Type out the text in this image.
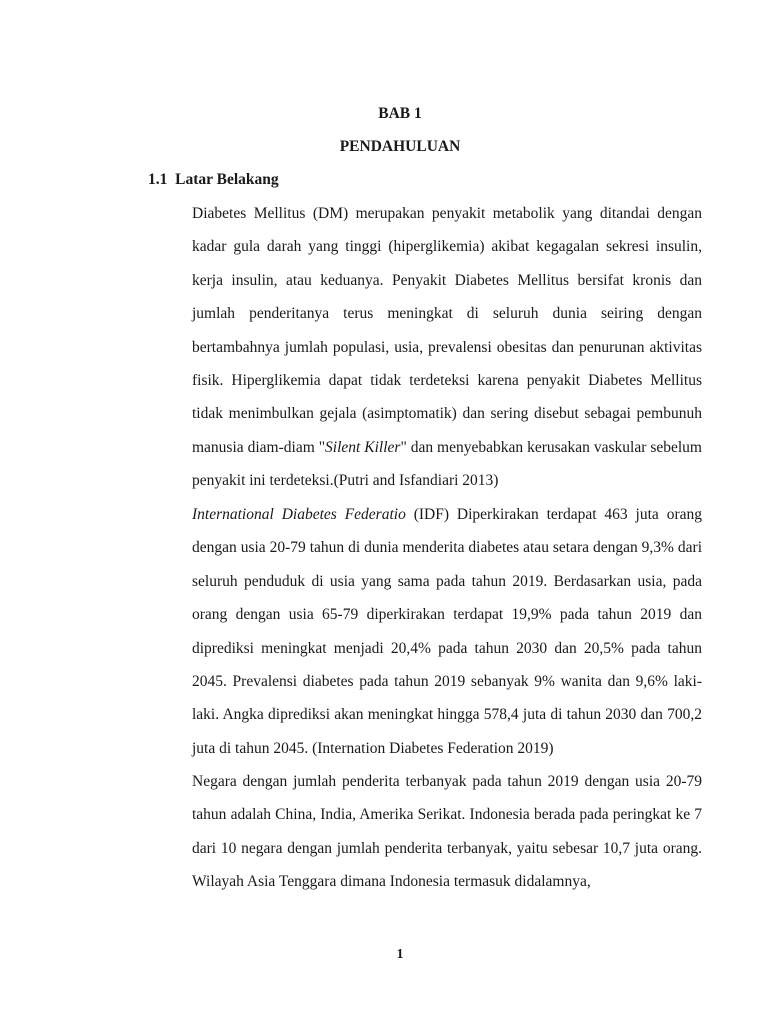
BAB 1
PENDAHULUAN
1.1 Latar Belakang

Diabetes Mellitus (DM) merupakan penyakit metabolik yang ditandai dengan kadar gula darah yang tinggi (hiperglikemia) akibat kegagalan sekresi insulin, kerja insulin, atau keduanya. Penyakit Diabetes Mellitus bersifat kronis dan jumlah penderitanya terus meningkat di seluruh dunia seiring dengan bertambahnya jumlah populasi, usia, prevalensi obesitas dan penurunan aktivitas fisik. Hiperglikemia dapat tidak terdeteksi karena penyakit Diabetes Mellitus tidak menimbulkan gejala (asimptomatik) dan sering disebut sebagai pembunuh manusia diam-diam "Silent Killer" dan menyebabkan kerusakan vaskular sebelum penyakit ini terdeteksi.(Putri and Isfandiari 2013)

International Diabetes Federatio (IDF) Diperkirakan terdapat 463 juta orang dengan usia 20-79 tahun di dunia menderita diabetes atau setara dengan 9,3% dari seluruh penduduk di usia yang sama pada tahun 2019. Berdasarkan usia, pada orang dengan usia 65-79 diperkirakan terdapat 19,9% pada tahun 2019 dan diprediksi meningkat menjadi 20,4% pada tahun 2030 dan 20,5% pada tahun 2045. Prevalensi diabetes pada tahun 2019 sebanyak 9% wanita dan 9,6% laki-laki. Angka diprediksi akan meningkat hingga 578,4 juta di tahun 2030 dan 700,2 juta di tahun 2045. (Internation Diabetes Federation 2019)

Negara dengan jumlah penderita terbanyak pada tahun 2019 dengan usia 20-79 tahun adalah China, India, Amerika Serikat. Indonesia berada pada peringkat ke 7 dari 10 negara dengan jumlah penderita terbanyak, yaitu sebesar 10,7 juta orang. Wilayah Asia Tenggara dimana Indonesia termasuk didalamnya,

1
